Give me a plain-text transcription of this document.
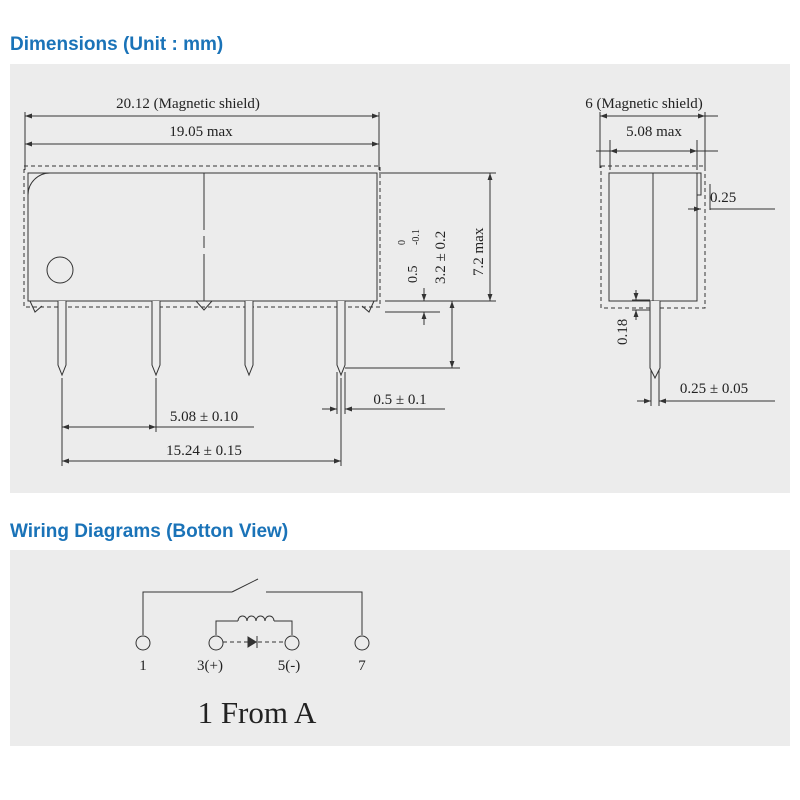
Dimensions (Unit : mm)
Wiring Diagrams (Botton View)
20.12 (Magnetic shield)
19.05 max
0.5
0 -0.1 3.2 ± 0.2 7.2 max
0.5 ± 0.1
5.08 ± 0.10
15.24 ± 0.15
6 (Magnetic shield)
5.08 max
0.25
0.18
0.25 ± 0.05
1	3(+)	5(-)	7
1 From A
